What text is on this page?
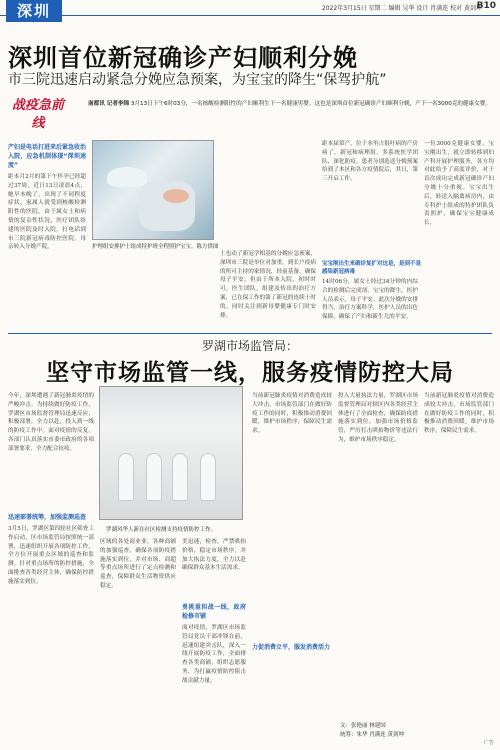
深圳	2022年3月15日 星期二 编辑 吴华 设计 肖满连 校对 黄剑坤
B10
深圳首位新冠确诊产妇顺利分娩
市三院迅速启动紧急分娩应急预案，为宝宝的降生“保驾护航”
战疫急前线

南都讯 记者李锦 3月13日下午6时03分，一名核酸检测阳性的产妇顺利生下一名健康男婴。这也是深圳首位新冠确诊产妇顺利分娩，产下一名3000克的健康女婴。

产妇是电话打进来后紧急收治入院，应急机制体现“深圳速度”
距本月2月的第下午怀孕已经超过37周，近日13日凌晨4点，她早本晚了，出现了不同程度症状，家属人就受到核酸检测阳性的医院，由于属女士和病情的复杂性状况，医疗团队组建的医院及时入院。打电话到市三院新冠病毒防控医院，母亲转入分娩产院。	护理组安排护士组成特护班全程照护宝宝。陈方供图
士也动了新冠学相基的分娩应急预案，深圳市三院是单位对加重，到长户疫病的所可主持的家情况，经前基备，确保母子平安，但由于所本入院，初时时可，医生团队，组建及传出的治疗方案，已在保工作的第了新冠的连续十时的，同时关注到新母婴健康专门时安排。
距本届常产，位于本里占很叶病的产房病了，新冠和病理组，多系统医学团队，深化防疫。患者分别选送分娩预案给到了本区和各方疫情院后，其日，第三开启工作。
宝宝刚出生来确诊复扩对这是，是到不是感染新冠病毒
14时06分，属女士经过34分钟的内综合的检测后完成剖，宝宝的降生，医护人员表示，母子平安。此次分娩的安排得当，治疗方案科学，医护人员的出色保障，确保了产妇和新生儿的平安。
一位3000克健康女婴。宝宝刚出生，就立即转移到妇产科开展护理服务，各方均对此给予了高度评价，对于首次成功完成新冠确诊产妇分娩十分重视。宝宝出生后，转送入隔离病房内，由专科护士组成的特护团队负责照护，确保宝宝健康成长。
罗湖市场监管局：
坚守市场监管一线，服务疫情防控大局
今年，深圳遭遇了新冠肺炎疫情的严峻冲击。为持续做好防疫工作，罗湖区市场监督管理局迅速反应，积极部署，全力以赴，投入到一线的防疫工作中。面对疫情的反复，各部门认真落实市委市政府的各项部署要求，全力配合抗疫。
迅速部署统筹，加强监测巡查
3月5日，罗湖区第四轮社区筛查工作启动，区市场监管局按照统一部署，迅速组织开展各项防控工作，全方位开展重点区域的巡查和监测。针对重点场所的防控措施，全面排查各类经营主体，确保防控措施落实到位。
罗湖风华人新在社区检测支持疫情防控工作。
区域的各处商业业、各种商铺的加强巡查，确保各项防疫措施落实到位，并对市场、商超等重点场所进行了定点检测和巡查，保障群众生活物资供应稳定。
美迅速，检查，严禁哄抬价格，稳定市场秩序，并加大执法力度，全力以赴确保群众基本生活需求。
勇挑重担战一线，政府检修市铺
面对疫情，罗湖区市场监管局党员干部冲锋在前，迅速组建突击队，深入一线开展防疫工作，全面排查各类商铺，组织志愿服务，为打赢疫情防控阻击战贡献力量。
当前新冠肺炎疫情对消费造成较大冲击，市场监管部门在做好防疫工作的同时，积极推动消费回暖，维护市场秩序，保障民生需求。
力促消费立平，服发消费活力
投入大量执法力量，罗湖区市场监督管理局对辖区内各类经营主体进行了全面检查，确保防疫措施落实到位，加强市场价格监管，严厉打击哄抬物价等违法行为，维护市场秩序稳定。
当前新冠肺炎疫情对消费造成较大冲击，市场监管部门在做好防疫工作的同时，积极推动消费回暖，维护市场秩序，保障民生需求。
文：张艳丽 林建国
统筹：朱华 肖满连 黄剑坤
广告
